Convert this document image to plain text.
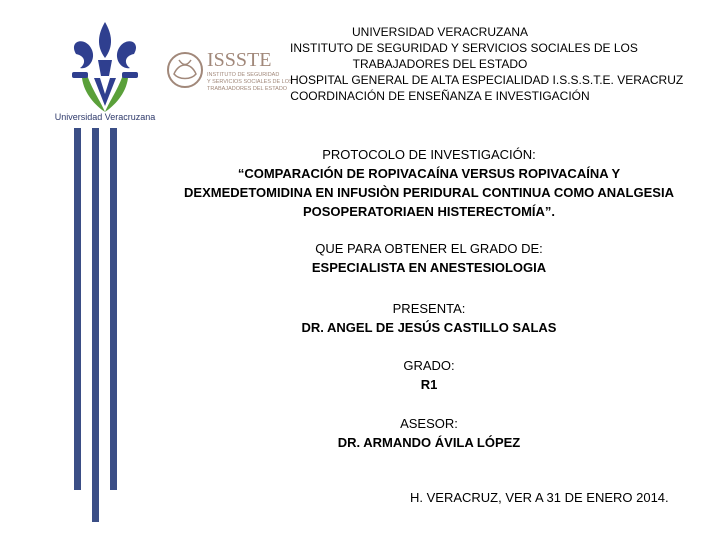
Universidad Veracruzana
ISSSTE
INSTITUTO DE SEGURIDAD
Y SERVICIOS SOCIALES DE LOS
TRABAJADORES DEL ESTADO
UNIVERSIDAD VERACRUZANA
INSTITUTO DE SEGURIDAD Y SERVICIOS SOCIALES DE LOS
TRABAJADORES DEL ESTADO
HOSPITAL GENERAL DE ALTA ESPECIALIDAD I.S.S.S.T.E. VERACRUZ
COORDINACIÓN DE ENSEÑANZA E INVESTIGACIÓN
PROTOCOLO DE INVESTIGACIÓN:
“COMPARACIÓN DE ROPIVACAÍNA VERSUS ROPIVACAÍNA Y
DEXMEDETOMIDINA EN INFUSIÒN PERIDURAL CONTINUA COMO ANALGESIA
POSOPERATORIAEN HISTERECTOMÍA”.
QUE PARA OBTENER EL GRADO DE:
ESPECIALISTA EN ANESTESIOLOGIA
PRESENTA:
DR. ANGEL DE JESÚS CASTILLO SALAS
GRADO:
R1
ASESOR:
DR. ARMANDO ÁVILA LÓPEZ
H. VERACRUZ, VER A 31 DE ENERO 2014.
